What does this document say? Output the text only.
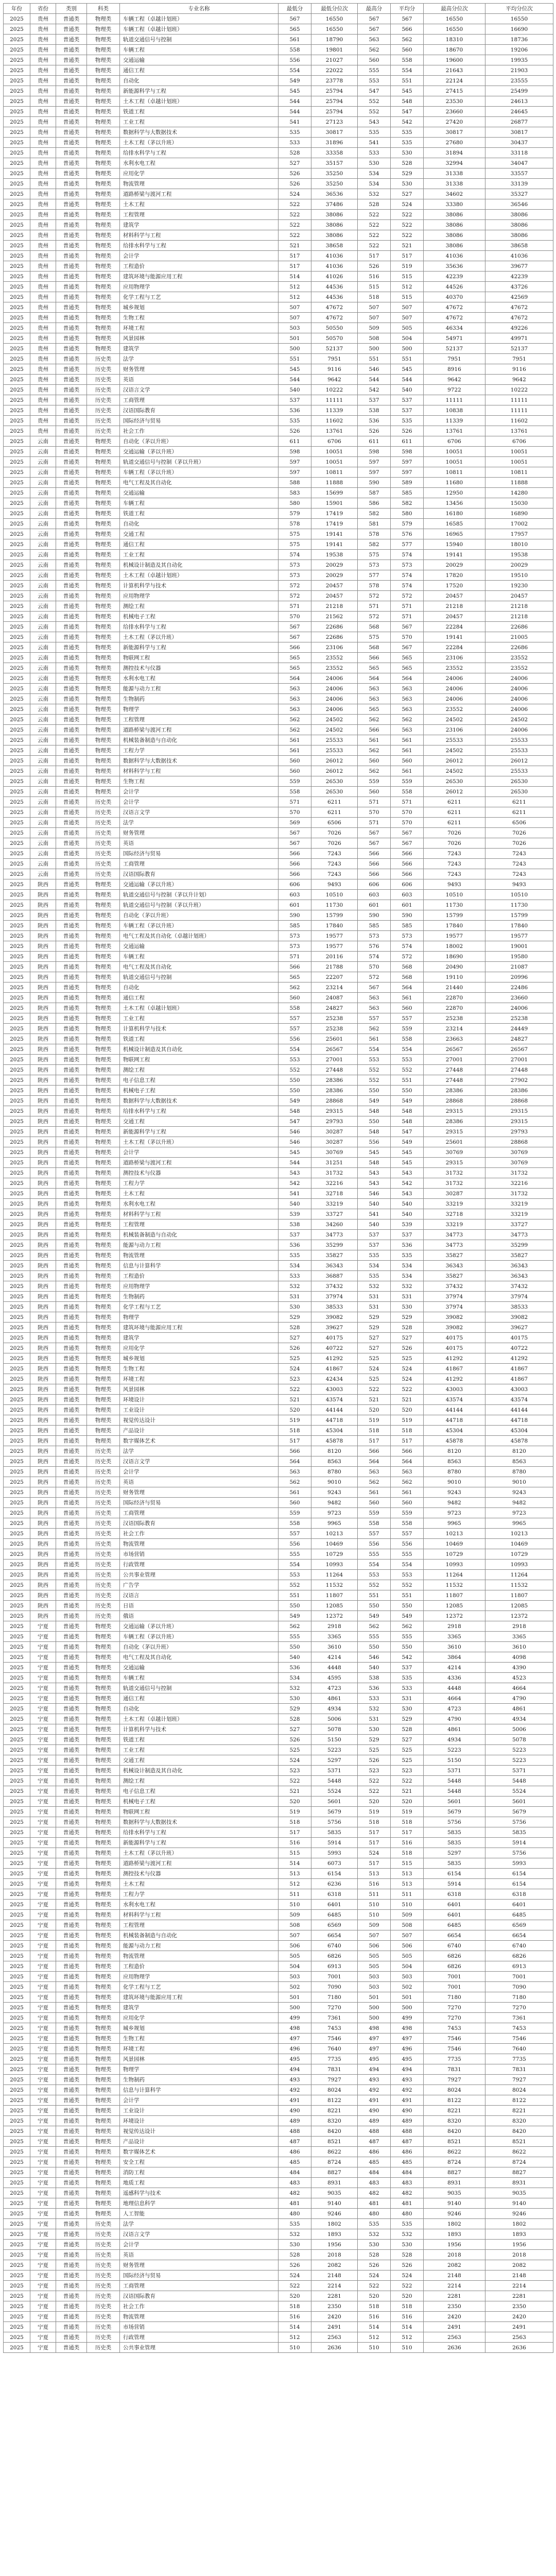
年份	省份	类别	科类	专业名称	最低分	最低分位次	最高分	平均分	最高分位次	平均分位次
2025	贵州	普通类	物理类	车辆工程（卓越计划班）	567	16550	567	567	16550	16550
2025	贵州	普通类	物理类	车辆工程（卓越计划班）	565	16550	567	566	16550	16690
2025	贵州	普通类	物理类	轨道交通信号与控制	561	18790	563	562	18310	18736
2025	贵州	普通类	物理类	车辆工程	558	19801	562	560	18670	19206
2025	贵州	普通类	物理类	交通运输	556	21027	560	558	19600	19935
2025	贵州	普通类	物理类	通信工程	554	22022	555	554	21643	21903
2025	贵州	普通类	物理类	自动化	549	23778	553	551	22124	23555
2025	贵州	普通类	物理类	新能源科学与工程	545	25794	547	545	27415	25499
2025	贵州	普通类	物理类	土木工程（卓越计划班）	544	25794	552	548	23530	24613
2025	贵州	普通类	物理类	铁道工程	544	25794	552	547	23660	24645
2025	贵州	普通类	物理类	工业工程	541	27123	543	542	27420	26877
2025	贵州	普通类	物理类	数据科学与大数据技术	535	30817	535	535	30817	30817
2025	贵州	普通类	物理类	土木工程（茅以升班）	533	31896	541	535	27680	30437
2025	贵州	普通类	物理类	给排水科学与工程	528	33358	533	530	31894	33118
2025	贵州	普通类	物理类	水利水电工程	527	35157	530	528	32994	34047
2025	贵州	普通类	物理类	应用化学	526	35250	534	529	31338	33557
2025	贵州	普通类	物理类	物流管理	526	35250	534	530	31338	33139
2025	贵州	普通类	物理类	道路桥梁与渡河工程	524	36536	532	527	34602	35327
2025	贵州	普通类	物理类	土木工程	522	37486	528	524	33380	36546
2025	贵州	普通类	物理类	工程管理	522	38086	522	522	38086	38086
2025	贵州	普通类	物理类	建筑学	522	38086	522	522	38086	38086
2025	贵州	普通类	物理类	材料科学与工程	522	38086	522	522	38086	38086
2025	贵州	普通类	物理类	给排水科学与工程	521	38658	522	521	38086	38658
2025	贵州	普通类	物理类	会计学	517	41036	517	517	41036	41036
2025	贵州	普通类	物理类	工程造价	517	41036	526	519	35636	39677
2025	贵州	普通类	物理类	建筑环境与能源应用工程	514	41026	516	515	42239	42239
2025	贵州	普通类	物理类	应用物理学	512	44536	515	512	44526	43726
2025	贵州	普通类	物理类	化学工程与工艺	512	44536	518	515	40370	42569
2025	贵州	普通类	物理类	城乡规划	507	47672	507	507	47672	47672
2025	贵州	普通类	物理类	生物工程	507	47672	507	507	47672	47672
2025	贵州	普通类	物理类	环境工程	503	50550	509	505	46334	49226
2025	贵州	普通类	物理类	风景园林	501	50570	508	504	54971	49971
2025	贵州	普通类	物理类	建筑学	500	52137	500	500	52137	52137
2025	贵州	普通类	历史类	法学	551	7951	551	551	7951	7951
2025	贵州	普通类	历史类	财务管理	545	9116	546	545	8916	9116
2025	贵州	普通类	历史类	英语	544	9642	544	544	9642	9642
2025	贵州	普通类	历史类	汉语言文学	540	10222	542	540	9722	10222
2025	贵州	普通类	历史类	工商管理	537	11111	537	537	11111	11111
2025	贵州	普通类	历史类	汉语国际教育	536	11339	538	537	10838	11111
2025	贵州	普通类	历史类	国际经济与贸易	535	11602	536	535	11339	11602
2025	贵州	普通类	历史类	社会工作	526	13761	526	526	13761	13761
2025	云南	普通类	物理类	自动化（茅以升班）	611	6706	611	611	6706	6706
2025	云南	普通类	物理类	交通运输（茅以升班）	598	10051	598	598	10051	10051
2025	云南	普通类	物理类	轨道交通信号与控制（茅以升班）	597	10051	597	597	10051	10051
2025	云南	普通类	物理类	车辆工程（茅以升班）	597	10811	597	597	10811	10811
2025	云南	普通类	物理类	电气工程及其自动化	588	11888	590	589	11680	11888
2025	云南	普通类	物理类	交通运输	583	15699	587	585	12950	14280
2025	云南	普通类	物理类	车辆工程	580	15901	586	582	13456	15030
2025	云南	普通类	物理类	铁道工程	579	17419	582	580	16180	16890
2025	云南	普通类	物理类	自动化	578	17419	581	579	16585	17002
2025	云南	普通类	物理类	交通工程	575	19141	578	576	16965	17957
2025	云南	普通类	物理类	通信工程	575	19141	582	577	15940	18010
2025	云南	普通类	物理类	工业工程	574	19538	575	574	19141	19538
2025	云南	普通类	物理类	机械设计制造及其自动化	573	20029	573	573	20029	20029
2025	云南	普通类	物理类	土木工程（卓越计划班）	573	20029	577	574	17820	19510
2025	云南	普通类	物理类	计算机科学与技术	572	20457	578	574	17520	19230
2025	云南	普通类	物理类	应用物理学	572	20457	572	572	20457	20457
2025	云南	普通类	物理类	测绘工程	571	21218	571	571	21218	21218
2025	云南	普通类	物理类	机械电子工程	570	21562	572	571	20457	21218
2025	云南	普通类	物理类	给排水科学与工程	567	22686	568	567	22284	22686
2025	云南	普通类	物理类	土木工程（茅以升班）	567	22686	575	570	19141	21005
2025	云南	普通类	物理类	新能源科学与工程	566	23106	568	567	22284	22686
2025	云南	普通类	物理类	物联网工程	565	23552	566	565	23106	23552
2025	云南	普通类	物理类	测控技术与仪器	565	23552	565	565	23552	23552
2025	云南	普通类	物理类	水利水电工程	564	24006	564	564	24006	24006
2025	云南	普通类	物理类	能源与动力工程	563	24006	563	563	24006	24006
2025	云南	普通类	物理类	生物制药	563	24006	563	563	24006	24006
2025	云南	普通类	物理类	物理学	563	24006	565	563	23552	24006
2025	云南	普通类	物理类	工程管理	562	24502	562	562	24502	24502
2025	云南	普通类	物理类	道路桥梁与渡河工程	562	24502	566	563	23106	24006
2025	云南	普通类	物理类	机械装备制造与自动化	561	25533	561	561	25533	25533
2025	云南	普通类	物理类	工程力学	561	25533	562	561	24502	25533
2025	云南	普通类	物理类	数据科学与大数据技术	560	26012	560	560	26012	26012
2025	云南	普通类	物理类	材料科学与工程	560	26012	562	561	24502	25533
2025	云南	普通类	物理类	生物工程	559	26530	559	559	26530	26530
2025	云南	普通类	物理类	会计学	558	26530	560	558	26012	26530
2025	云南	普通类	历史类	会计学	571	6211	571	571	6211	6211
2025	云南	普通类	历史类	汉语言文学	570	6211	570	570	6211	6211
2025	云南	普通类	历史类	法学	569	6506	571	570	6211	6506
2025	云南	普通类	历史类	财务管理	567	7026	567	567	7026	7026
2025	云南	普通类	历史类	英语	567	7026	567	567	7026	7026
2025	云南	普通类	历史类	国际经济与贸易	566	7243	566	566	7243	7243
2025	云南	普通类	历史类	工商管理	566	7243	566	566	7243	7243
2025	云南	普通类	历史类	汉语国际教育	566	7243	566	566	7243	7243
2025	陕西	普通类	物理类	交通运输（茅以升班）	606	9493	606	606	9493	9493
2025	陕西	普通类	物理类	轨道交通信号与控制（茅以升计划）	603	10510	603	603	10510	10510
2025	陕西	普通类	物理类	轨道交通信号与控制（茅以升班）	601	11730	601	601	11730	11730
2025	陕西	普通类	物理类	自动化（茅以升班）	590	15799	590	590	15799	15799
2025	陕西	普通类	物理类	车辆工程（茅以升班）	585	17840	585	585	17840	17840
2025	陕西	普通类	物理类	电气工程及其自动化（卓越计划班）	573	19577	573	573	19577	19577
2025	陕西	普通类	物理类	交通运输	573	19577	576	574	18002	19001
2025	陕西	普通类	物理类	车辆工程	571	20116	574	572	18690	19580
2025	陕西	普通类	物理类	电气工程及其自动化	566	21788	570	568	20490	21087
2025	陕西	普通类	物理类	轨道交通信号与控制	565	22207	572	568	19110	20996
2025	陕西	普通类	物理类	自动化	562	23214	567	564	21440	22486
2025	陕西	普通类	物理类	通信工程	560	24087	563	561	22870	23660
2025	陕西	普通类	物理类	土木工程（卓越计划班）	558	24827	563	560	22870	24006
2025	陕西	普通类	物理类	工业工程	557	25238	557	557	25238	25238
2025	陕西	普通类	物理类	计算机科学与技术	557	25238	562	559	23214	24449
2025	陕西	普通类	物理类	铁道工程	556	25601	561	558	23663	24827
2025	陕西	普通类	物理类	机械设计制造及其自动化	554	26567	554	554	26567	26567
2025	陕西	普通类	物理类	物联网工程	553	27001	553	553	27001	27001
2025	陕西	普通类	物理类	测绘工程	552	27448	552	552	27448	27448
2025	陕西	普通类	物理类	电子信息工程	550	28386	552	551	27448	27902
2025	陕西	普通类	物理类	机械电子工程	550	28386	550	550	28386	28386
2025	陕西	普通类	物理类	数据科学与大数据技术	549	28868	549	549	28868	28868
2025	陕西	普通类	物理类	给排水科学与工程	548	29315	548	548	29315	29315
2025	陕西	普通类	物理类	交通工程	547	29793	550	548	28386	29315
2025	陕西	普通类	物理类	新能源科学与工程	546	30287	548	547	29315	29793
2025	陕西	普通类	物理类	土木工程（茅以升班）	546	30287	556	549	25601	28868
2025	陕西	普通类	物理类	会计学	545	30769	545	545	30769	30769
2025	陕西	普通类	物理类	道路桥梁与渡河工程	544	31251	548	545	29315	30769
2025	陕西	普通类	物理类	测控技术与仪器	543	31732	543	543	31732	31732
2025	陕西	普通类	物理类	工程力学	542	32216	543	542	31732	32216
2025	陕西	普通类	物理类	土木工程	541	32718	546	543	30287	31732
2025	陕西	普通类	物理类	水利水电工程	540	33219	540	540	33219	33219
2025	陕西	普通类	物理类	材料科学与工程	539	33727	541	540	32718	33219
2025	陕西	普通类	物理类	工程管理	538	34260	540	539	33219	33727
2025	陕西	普通类	物理类	机械装备制造与自动化	537	34773	537	537	34773	34773
2025	陕西	普通类	物理类	能源与动力工程	536	35299	537	536	34773	35299
2025	陕西	普通类	物理类	物流管理	535	35827	535	535	35827	35827
2025	陕西	普通类	物理类	信息与计算科学	534	36343	534	534	36343	36343
2025	陕西	普通类	物理类	工程造价	533	36887	535	534	35827	36343
2025	陕西	普通类	物理类	应用物理学	532	37432	532	532	37432	37432
2025	陕西	普通类	物理类	生物制药	531	37974	531	531	37974	37974
2025	陕西	普通类	物理类	化学工程与工艺	530	38533	531	530	37974	38533
2025	陕西	普通类	物理类	物理学	529	39082	529	529	39082	39082
2025	陕西	普通类	物理类	建筑环境与能源应用工程	528	39627	529	528	39082	39627
2025	陕西	普通类	物理类	建筑学	527	40175	527	527	40175	40175
2025	陕西	普通类	物理类	应用化学	526	40722	527	526	40175	40722
2025	陕西	普通类	物理类	城乡规划	525	41292	525	525	41292	41292
2025	陕西	普通类	物理类	生物工程	524	41867	524	524	41867	41867
2025	陕西	普通类	物理类	环境工程	523	42434	525	524	41292	41867
2025	陕西	普通类	物理类	风景园林	522	43003	522	522	43003	43003
2025	陕西	普通类	物理类	环境设计	521	43574	521	521	43574	43574
2025	陕西	普通类	物理类	工业设计	520	44144	520	520	44144	44144
2025	陕西	普通类	物理类	视觉传达设计	519	44718	519	519	44718	44718
2025	陕西	普通类	物理类	产品设计	518	45304	518	518	45304	45304
2025	陕西	普通类	物理类	数字媒体艺术	517	45878	517	517	45878	45878
2025	陕西	普通类	历史类	法学	566	8120	566	566	8120	8120
2025	陕西	普通类	历史类	汉语言文学	564	8563	564	564	8563	8563
2025	陕西	普通类	历史类	会计学	563	8780	563	563	8780	8780
2025	陕西	普通类	历史类	英语	562	9010	562	562	9010	9010
2025	陕西	普通类	历史类	财务管理	561	9243	561	561	9243	9243
2025	陕西	普通类	历史类	国际经济与贸易	560	9482	560	560	9482	9482
2025	陕西	普通类	历史类	工商管理	559	9723	559	559	9723	9723
2025	陕西	普通类	历史类	汉语国际教育	558	9965	558	558	9965	9965
2025	陕西	普通类	历史类	社会工作	557	10213	557	557	10213	10213
2025	陕西	普通类	历史类	物流管理	556	10469	556	556	10469	10469
2025	陕西	普通类	历史类	市场营销	555	10729	555	555	10729	10729
2025	陕西	普通类	历史类	行政管理	554	10993	554	554	10993	10993
2025	陕西	普通类	历史类	公共事业管理	553	11264	553	553	11264	11264
2025	陕西	普通类	历史类	广告学	552	11532	552	552	11532	11532
2025	陕西	普通类	历史类	汉语言	551	11807	551	551	11807	11807
2025	陕西	普通类	历史类	日语	550	12085	550	550	12085	12085
2025	陕西	普通类	历史类	俄语	549	12372	549	549	12372	12372
2025	宁夏	普通类	物理类	交通运输（茅以升班）	562	2918	562	562	2918	2918
2025	宁夏	普通类	物理类	车辆工程（茅以升班）	555	3365	555	555	3365	3365
2025	宁夏	普通类	物理类	自动化（茅以升班）	550	3610	550	550	3610	3610
2025	宁夏	普通类	物理类	电气工程及其自动化	540	4214	546	542	3864	4098
2025	宁夏	普通类	物理类	交通运输	536	4448	540	537	4214	4390
2025	宁夏	普通类	物理类	车辆工程	534	4595	538	535	4336	4523
2025	宁夏	普通类	物理类	轨道交通信号与控制	532	4723	536	533	4448	4664
2025	宁夏	普通类	物理类	通信工程	530	4861	533	531	4664	4790
2025	宁夏	普通类	物理类	自动化	529	4934	532	530	4723	4861
2025	宁夏	普通类	物理类	土木工程（卓越计划班）	528	5006	531	529	4790	4934
2025	宁夏	普通类	物理类	计算机科学与技术	527	5078	530	528	4861	5006
2025	宁夏	普通类	物理类	铁道工程	526	5150	529	527	4934	5078
2025	宁夏	普通类	物理类	工业工程	525	5223	525	525	5223	5223
2025	宁夏	普通类	物理类	交通工程	524	5297	526	525	5150	5223
2025	宁夏	普通类	物理类	机械设计制造及其自动化	523	5371	523	523	5371	5371
2025	宁夏	普通类	物理类	测绘工程	522	5448	522	522	5448	5448
2025	宁夏	普通类	物理类	电子信息工程	521	5524	522	521	5448	5524
2025	宁夏	普通类	物理类	机械电子工程	520	5601	520	520	5601	5601
2025	宁夏	普通类	物理类	物联网工程	519	5679	519	519	5679	5679
2025	宁夏	普通类	物理类	数据科学与大数据技术	518	5756	518	518	5756	5756
2025	宁夏	普通类	物理类	给排水科学与工程	517	5835	517	517	5835	5835
2025	宁夏	普通类	物理类	新能源科学与工程	516	5914	517	516	5835	5914
2025	宁夏	普通类	物理类	土木工程（茅以升班）	515	5993	524	518	5297	5756
2025	宁夏	普通类	物理类	道路桥梁与渡河工程	514	6073	517	515	5835	5993
2025	宁夏	普通类	物理类	测控技术与仪器	513	6154	513	513	6154	6154
2025	宁夏	普通类	物理类	土木工程	512	6236	516	513	5914	6154
2025	宁夏	普通类	物理类	工程力学	511	6318	511	511	6318	6318
2025	宁夏	普通类	物理类	水利水电工程	510	6401	510	510	6401	6401
2025	宁夏	普通类	物理类	材料科学与工程	509	6485	510	509	6401	6485
2025	宁夏	普通类	物理类	工程管理	508	6569	509	508	6485	6569
2025	宁夏	普通类	物理类	机械装备制造与自动化	507	6654	507	507	6654	6654
2025	宁夏	普通类	物理类	能源与动力工程	506	6740	506	506	6740	6740
2025	宁夏	普通类	物理类	物流管理	505	6826	505	505	6826	6826
2025	宁夏	普通类	物理类	工程造价	504	6913	505	504	6826	6913
2025	宁夏	普通类	物理类	应用物理学	503	7001	503	503	7001	7001
2025	宁夏	普通类	物理类	化学工程与工艺	502	7090	503	502	7001	7090
2025	宁夏	普通类	物理类	建筑环境与能源应用工程	501	7180	501	501	7180	7180
2025	宁夏	普通类	物理类	建筑学	500	7270	500	500	7270	7270
2025	宁夏	普通类	物理类	应用化学	499	7361	500	499	7270	7361
2025	宁夏	普通类	物理类	城乡规划	498	7453	498	498	7453	7453
2025	宁夏	普通类	物理类	生物工程	497	7546	497	497	7546	7546
2025	宁夏	普通类	物理类	环境工程	496	7640	497	496	7546	7640
2025	宁夏	普通类	物理类	风景园林	495	7735	495	495	7735	7735
2025	宁夏	普通类	物理类	物理学	494	7831	494	494	7831	7831
2025	宁夏	普通类	物理类	生物制药	493	7927	493	493	7927	7927
2025	宁夏	普通类	物理类	信息与计算科学	492	8024	492	492	8024	8024
2025	宁夏	普通类	物理类	会计学	491	8122	491	491	8122	8122
2025	宁夏	普通类	物理类	工业设计	490	8221	490	490	8221	8221
2025	宁夏	普通类	物理类	环境设计	489	8320	489	489	8320	8320
2025	宁夏	普通类	物理类	视觉传达设计	488	8420	488	488	8420	8420
2025	宁夏	普通类	物理类	产品设计	487	8521	487	487	8521	8521
2025	宁夏	普通类	物理类	数字媒体艺术	486	8622	486	486	8622	8622
2025	宁夏	普通类	物理类	安全工程	485	8724	485	485	8724	8724
2025	宁夏	普通类	物理类	消防工程	484	8827	484	484	8827	8827
2025	宁夏	普通类	物理类	地质工程	483	8931	483	483	8931	8931
2025	宁夏	普通类	物理类	遥感科学与技术	482	9035	482	482	9035	9035
2025	宁夏	普通类	物理类	地理信息科学	481	9140	481	481	9140	9140
2025	宁夏	普通类	物理类	人工智能	480	9246	480	480	9246	9246
2025	宁夏	普通类	历史类	法学	535	1802	535	535	1802	1802
2025	宁夏	普通类	历史类	汉语言文学	532	1893	532	532	1893	1893
2025	宁夏	普通类	历史类	会计学	530	1956	530	530	1956	1956
2025	宁夏	普通类	历史类	英语	528	2018	528	528	2018	2018
2025	宁夏	普通类	历史类	财务管理	526	2082	526	526	2082	2082
2025	宁夏	普通类	历史类	国际经济与贸易	524	2148	524	524	2148	2148
2025	宁夏	普通类	历史类	工商管理	522	2214	522	522	2214	2214
2025	宁夏	普通类	历史类	汉语国际教育	520	2281	520	520	2281	2281
2025	宁夏	普通类	历史类	社会工作	518	2350	518	518	2350	2350
2025	宁夏	普通类	历史类	物流管理	516	2420	516	516	2420	2420
2025	宁夏	普通类	历史类	市场营销	514	2491	514	514	2491	2491
2025	宁夏	普通类	历史类	行政管理	512	2563	512	512	2563	2563
2025	宁夏	普通类	历史类	公共事业管理	510	2636	510	510	2636	2636
